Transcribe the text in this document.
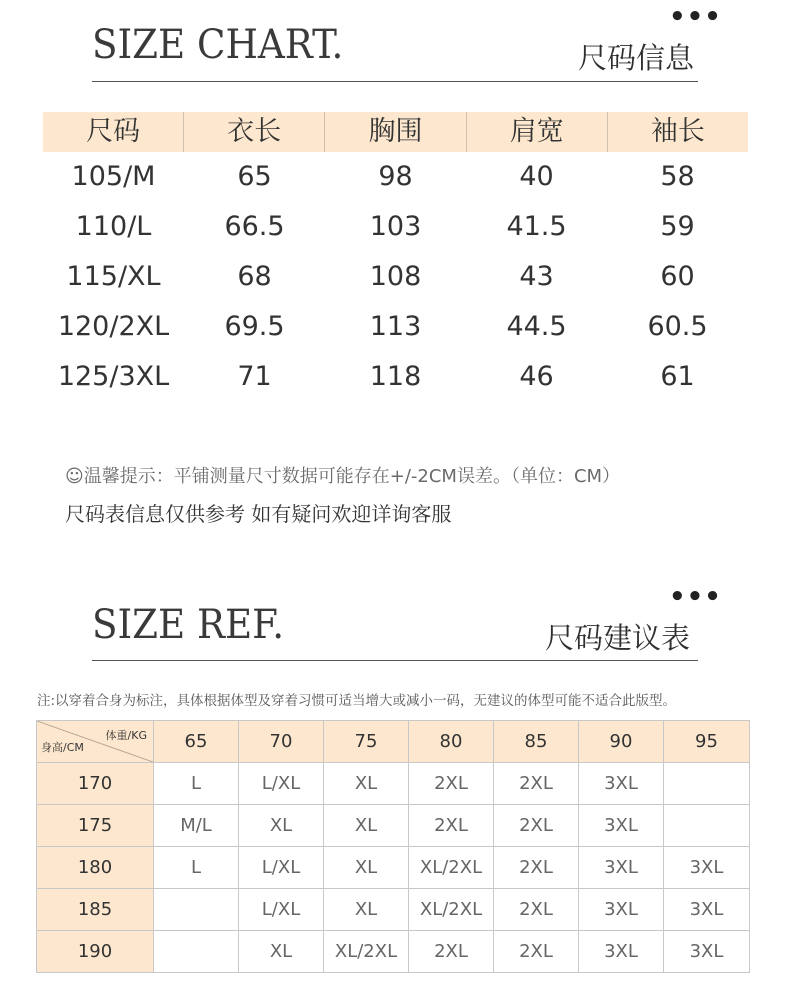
•••
SIZE CHART.	尺码信息
尺码	衣长	胸围	肩宽	袖长
105/M	65	98	40	58
110/L	66.5	103	41.5	59
115/XL	68	108	43	60
120/2XL	69.5	113	44.5	60.5
125/3XL	71	118	46	61
☺温馨提示：平铺测量尺寸数据可能存在+/-2CM误差。（单位：CM）
尺码表信息仅供参考 如有疑问欢迎详询客服
•••
SIZE REF.	尺码建议表
注:以穿着合身为标注，具体根据体型及穿着习惯可适当增大或减小一码，无建议的体型可能不适合此版型。
体重/KG
身高/CM	65	70	75	80	85	90	95
170	L	L/XL	XL	2XL	2XL	3XL	
175	M/L	XL	XL	2XL	2XL	3XL	
180	L	L/XL	XL	XL/2XL	2XL	3XL	3XL
185		L/XL	XL	XL/2XL	2XL	3XL	3XL
190		XL	XL/2XL	2XL	2XL	3XL	3XL
